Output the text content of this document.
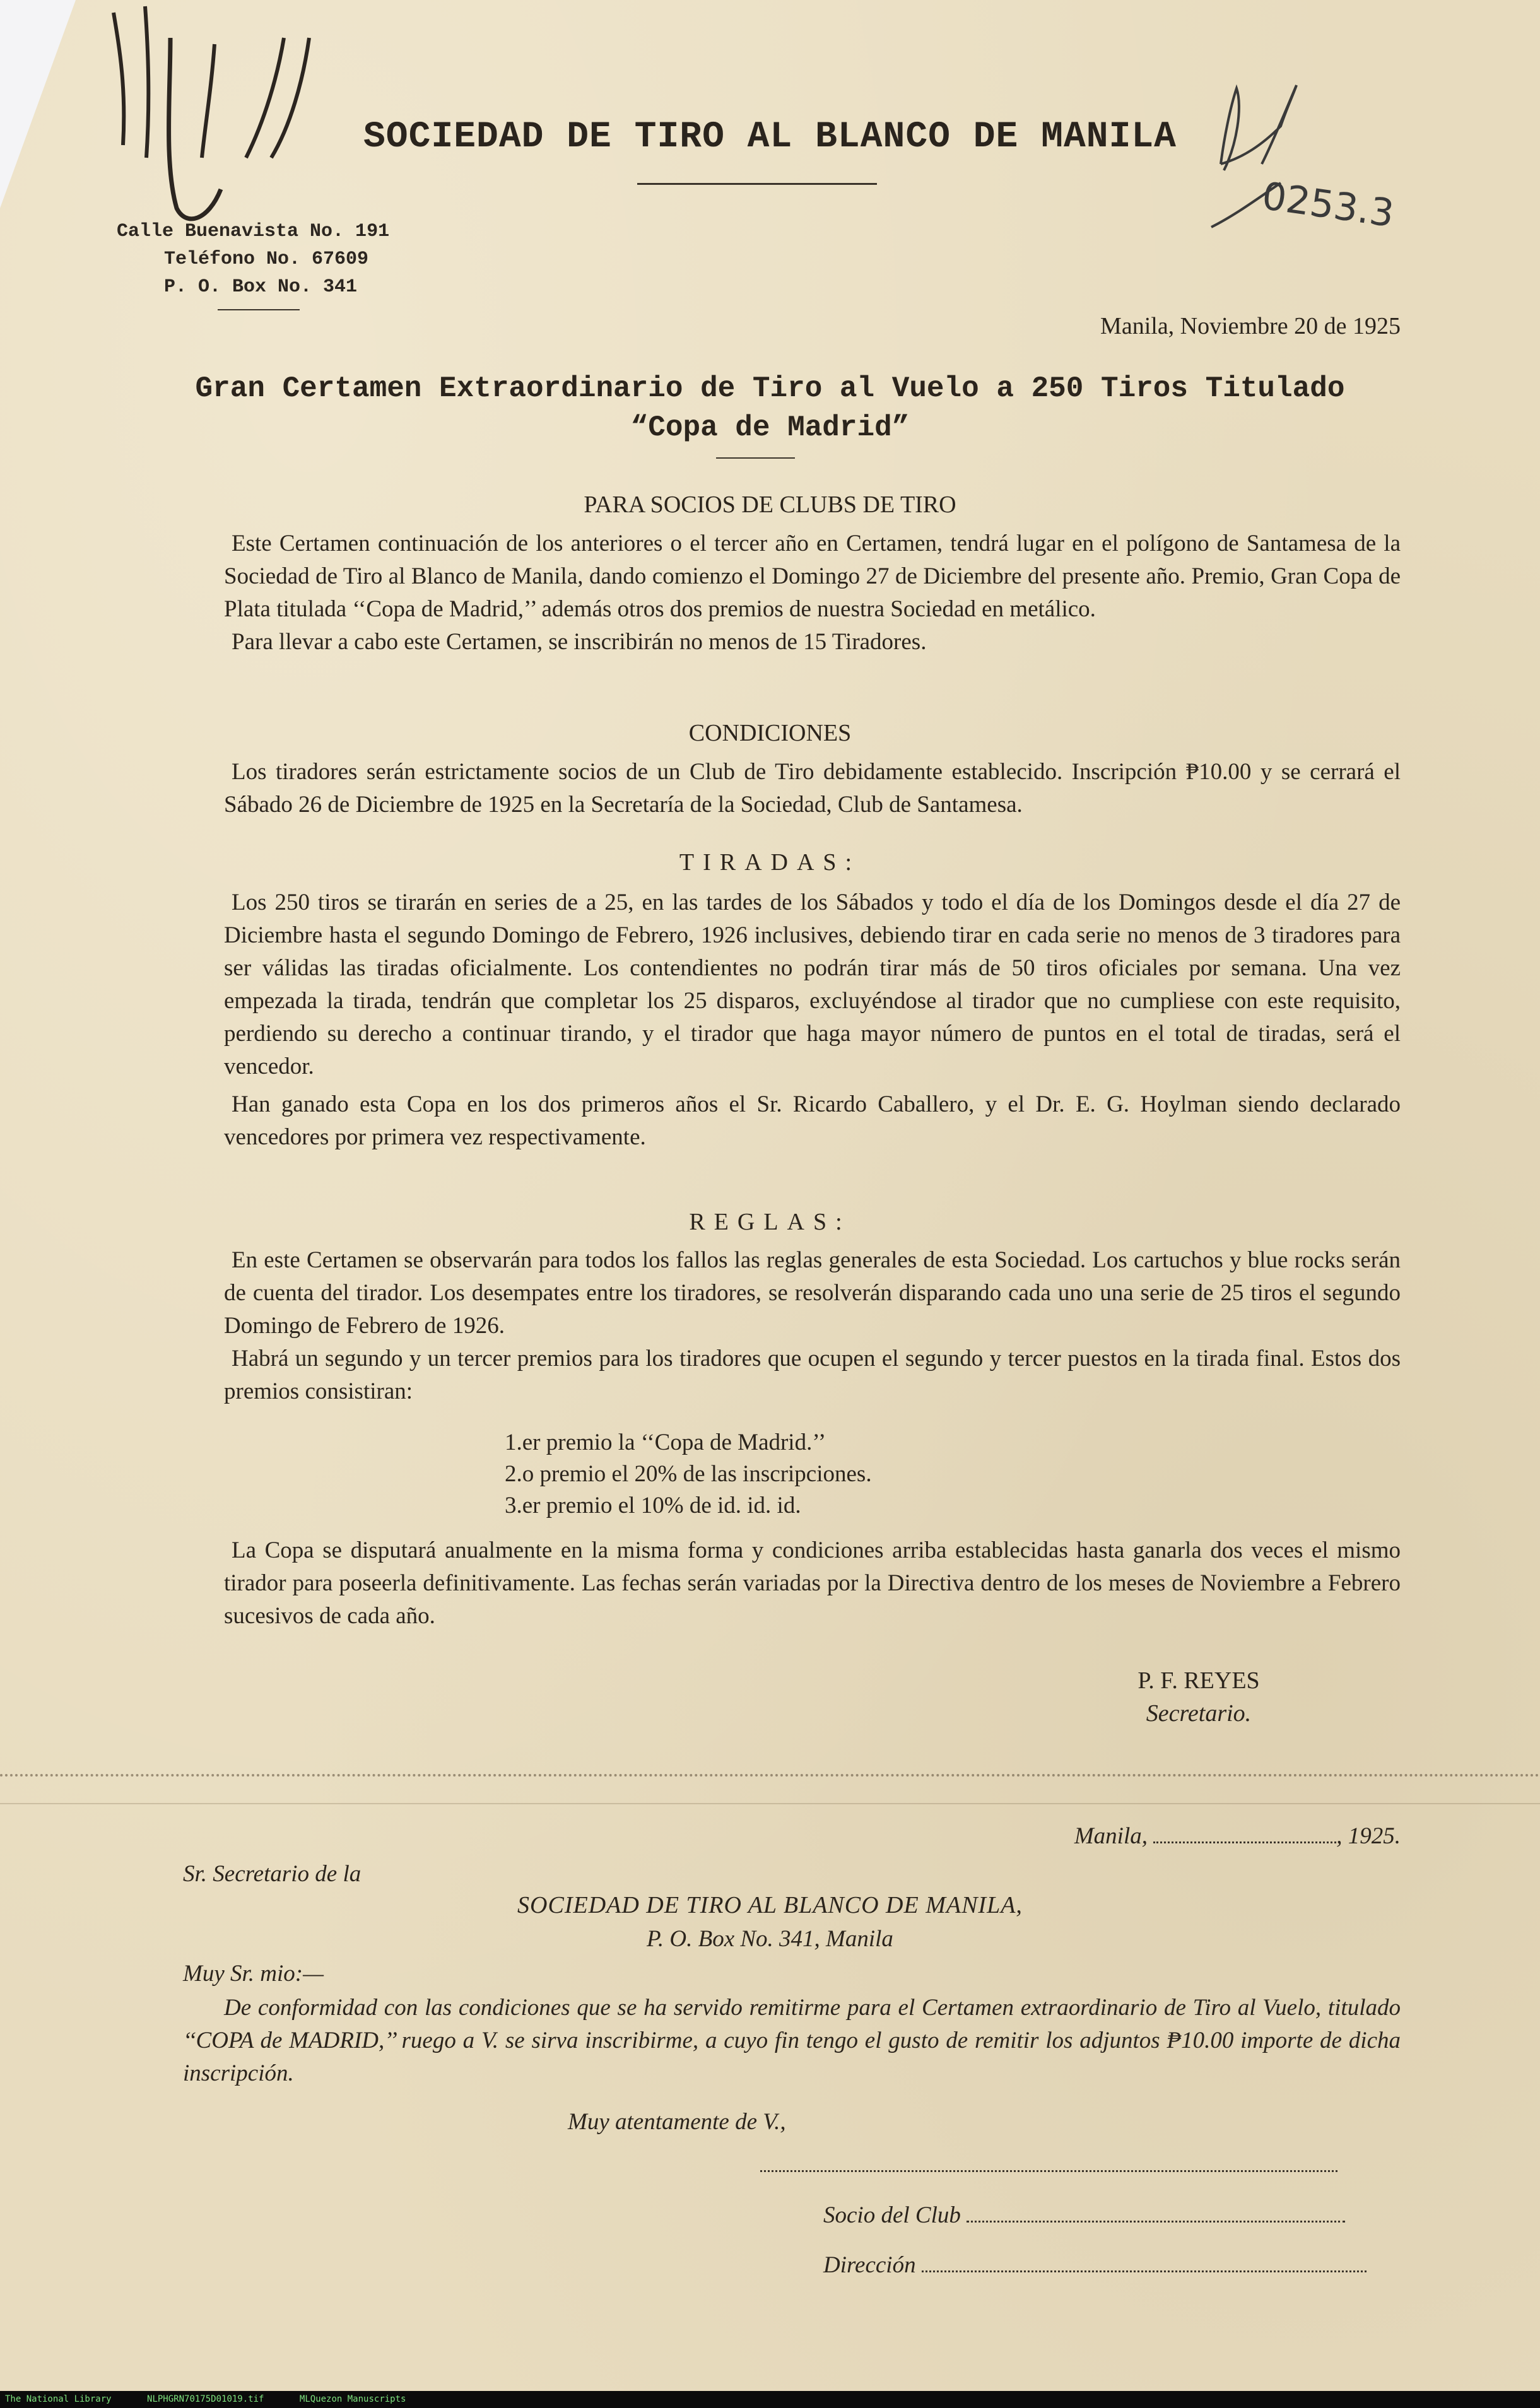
0253.3
SOCIEDAD DE TIRO AL BLANCO DE MANILA
Calle Buenavista No. 191
Teléfono No. 67609
P. O. Box No. 341
Manila, Noviembre 20 de 1925
Gran Certamen Extraordinario de Tiro al Vuelo a 250 Tiros Titulado
“Copa de Madrid”
PARA SOCIOS DE CLUBS DE TIRO

Este Certamen continuación de los anteriores o el tercer año en Certamen, tendrá lugar en el polígono de Santamesa de la Sociedad de Tiro al Blanco de Manila, dando comienzo el Domingo 27 de Diciembre del presente año. Premio, Gran Copa de Plata titulada ‘‘Copa de Madrid,’’ además otros dos premios de nuestra Sociedad en metálico.

Para llevar a cabo este Certamen, se inscribirán no menos de 15 Tiradores.

CONDICIONES

Los tiradores serán estrictamente socios de un Club de Tiro debidamente establecido. Inscripción ₱10.00 y se cerrará el Sábado 26 de Diciembre de 1925 en la Secretaría de la Sociedad, Club de Santamesa.

TIRADAS:

Los 250 tiros se tirarán en series de a 25, en las tardes de los Sábados y todo el día de los Domingos desde el día 27 de Diciembre hasta el segundo Domingo de Febrero, 1926 inclusives, debiendo tirar en cada serie no menos de 3 tiradores para ser válidas las tiradas oficialmente. Los contendientes no podrán tirar más de 50 tiros oficiales por semana. Una vez empezada la tirada, tendrán que completar los 25 disparos, excluyéndose al tirador que no cumpliese con este requisito, perdiendo su derecho a continuar tirando, y el tirador que haga mayor número de puntos en el total de tiradas, será el vencedor.

Han ganado esta Copa en los dos primeros años el Sr. Ricardo Caballero, y el Dr. E. G. Hoylman siendo declarado vencedores por primera vez respectivamente.

REGLAS:

En este Certamen se observarán para todos los fallos las reglas generales de esta Sociedad. Los cartuchos y blue rocks serán de cuenta del tirador. Los desempates entre los tiradores, se resolverán disparando cada uno una serie de 25 tiros el segundo Domingo de Febrero de 1926.

Habrá un segundo y un tercer premios para los tiradores que ocupen el segundo y tercer puestos en la tirada final. Estos dos premios consistiran:

1.er premio la ‘‘Copa de Madrid.’’
2.o premio el 20% de las inscripciones.
3.er premio el 10% de id. id. id.

La Copa se disputará anualmente en la misma forma y condiciones arriba establecidas hasta ganarla dos veces el mismo tirador para poseerla definitivamente. Las fechas serán variadas por la Directiva dentro de los meses de Noviembre a Febrero sucesivos de cada año.

P. F. REYES
Secretario.
Manila,	, 1925.
Sr. Secretario de la
SOCIEDAD DE TIRO AL BLANCO DE MANILA,
P. O. Box No. 341, Manila
Muy Sr. mio:—
De conformidad con las condiciones que se ha servido remitirme para el Certamen extraordinario de Tiro al Vuelo, titulado ‘‘COPA de MADRID,’’ ruego a V. se sirva inscribirme, a cuyo fin tengo el gusto de remitir los adjuntos ₱10.00 importe de dicha inscripción.
Muy atentamente de V.,
Socio del Club
Dirección
The National Library	NLPHGRN70175D01019.tif	MLQuezon Manuscripts
